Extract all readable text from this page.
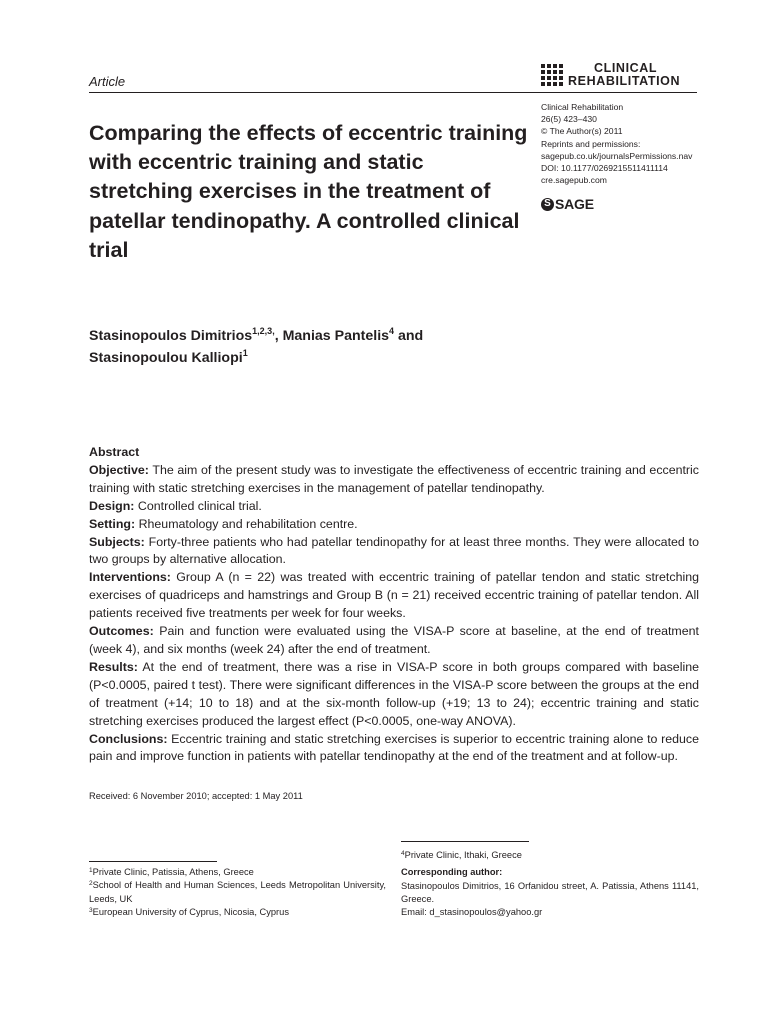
Article
CLINICAL
REHABILITATION
Clinical Rehabilitation
26(5) 423–430
© The Author(s) 2011
Reprints and permissions:
sagepub.co.uk/journalsPermissions.nav
DOI: 10.1177/0269215511411114
cre.sagepub.com
S SAGE
Comparing the effects of eccentric training with eccentric training and static stretching exercises in the treatment of patellar tendinopathy. A controlled clinical trial
Stasinopoulos Dimitrios$^{1,2,3,}$, Manias Pantelis$^4$ and
Stasinopoulou Kalliopi$^1$
Abstract

Objective: The aim of the present study was to investigate the effectiveness of eccentric training and eccentric training with static stretching exercises in the management of patellar tendinopathy.

Design: Controlled clinical trial.

Setting: Rheumatology and rehabilitation centre.

Subjects: Forty-three patients who had patellar tendinopathy for at least three months. They were allocated to two groups by alternative allocation.

Interventions: Group A (n = 22) was treated with eccentric training of patellar tendon and static stretching exercises of quadriceps and hamstrings and Group B (n = 21) received eccentric training of patellar tendon. All patients received five treatments per week for four weeks.

Outcomes: Pain and function were evaluated using the VISA-P score at baseline, at the end of treatment (week 4), and six months (week 24) after the end of treatment.

Results: At the end of treatment, there was a rise in VISA-P score in both groups compared with baseline (P<0.0005, paired t test). There were significant differences in the VISA-P score between the groups at the end of treatment (+14; 10 to 18) and at the six-month follow-up (+19; 13 to 24); eccentric training and static stretching exercises produced the largest effect (P<0.0005, one-way ANOVA).

Conclusions: Eccentric training and static stretching exercises is superior to eccentric training alone to reduce pain and improve function in patients with patellar tendinopathy at the end of the treatment and at follow-up.

Received: 6 November 2010; accepted: 1 May 2011
$^1$Private Clinic, Patissia, Athens, Greece
$^2$School of Health and Human Sciences, Leeds Metropolitan University, Leeds, UK
$^3$European University of Cyprus, Nicosia, Cyprus
$^4$Private Clinic, Ithaki, Greece
Corresponding author:
Stasinopoulos Dimitrios, 16 Orfanidou street, A. Patissia, Athens 11141, Greece.
Email: d_stasinopoulos@yahoo.gr
